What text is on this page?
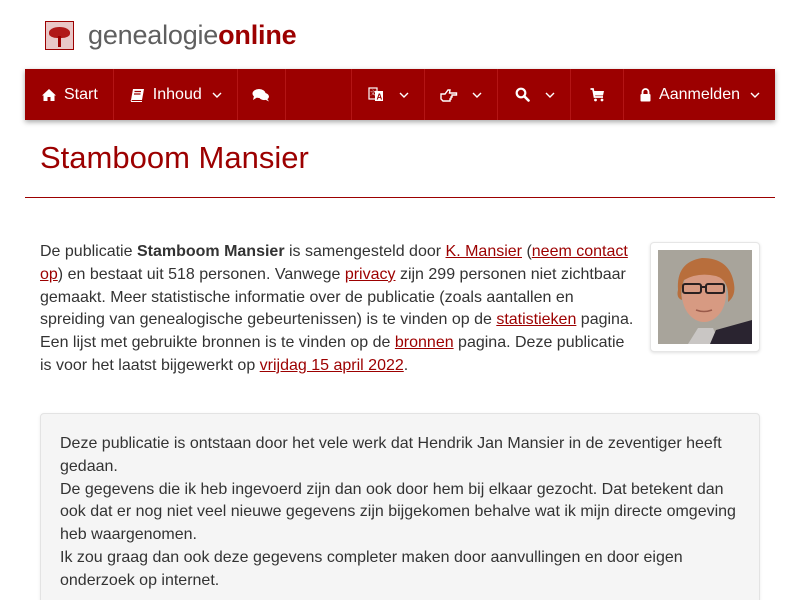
genealogieonline
Start	Inhoud	A
文	Aanmelden
Stamboom Mansier
De publicatie Stamboom Mansier is samengesteld door K. Mansier (neem contact op) en bestaat uit 518 personen. Vanwege privacy zijn 299 personen niet zichtbaar gemaakt. Meer statistische informatie over de publicatie (zoals aantallen en spreiding van genealogische gebeurtenissen) is te vinden op de statistieken pagina. Een lijst met gebruikte bronnen is te vinden op de bronnen pagina. Deze publicatie is voor het laatst bijgewerkt op vrijdag 15 april 2022.

Deze publicatie is ontstaan door het vele werk dat Hendrik Jan Mansier in de zeventiger heeft gedaan.

De gegevens die ik heb ingevoerd zijn dan ook door hem bij elkaar gezocht. Dat betekent dan ook dat er nog niet veel nieuwe gegevens zijn bijgekomen behalve wat ik mijn directe omgeving heb waargenomen.

Ik zou graag dan ook deze gegevens completer maken door aanvullingen en door eigen onderzoek op internet.
